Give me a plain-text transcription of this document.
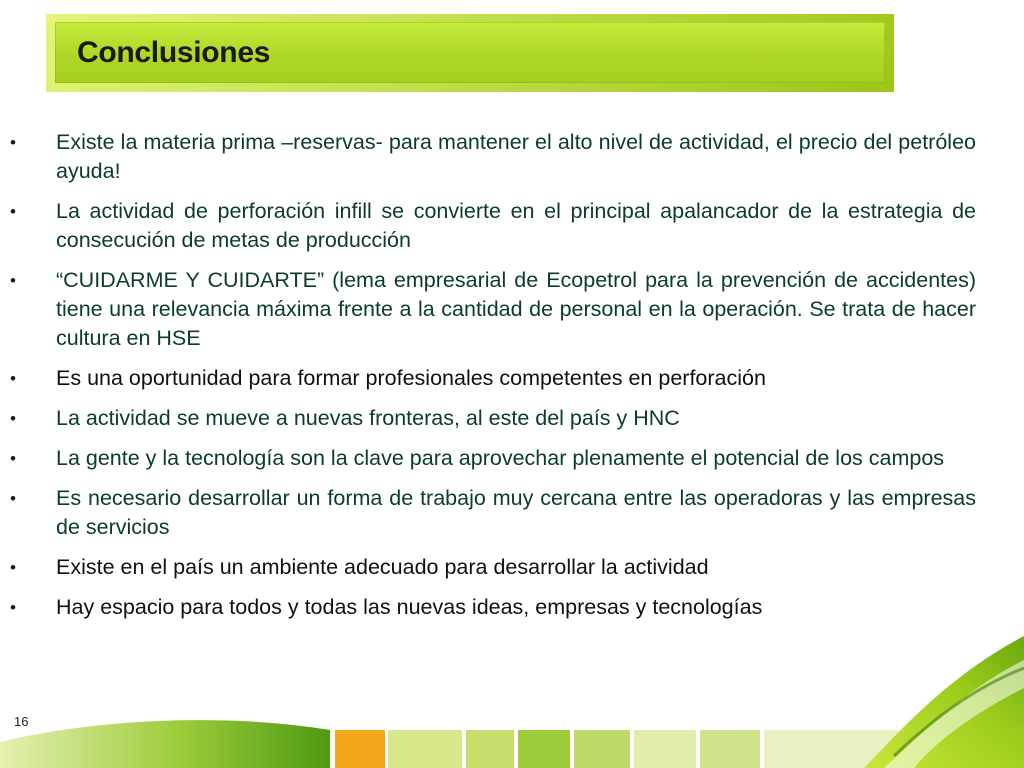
Conclusiones
• Existe la materia prima –reservas- para mantener el alto nivel de actividad, el precio del petróleo ayuda!
• La actividad de perforación infill se convierte en el principal apalancador de la estrategia de consecución de metas de producción
• “CUIDARME Y CUIDARTE” (lema empresarial de Ecopetrol para la prevención de accidentes) tiene una relevancia máxima frente a la cantidad de personal en la operación. Se trata de hacer cultura en HSE
• Es una oportunidad para formar profesionales competentes en perforación
• La actividad se mueve a nuevas fronteras, al este del país y HNC
• La gente y la tecnología son la clave para aprovechar plenamente el potencial de los campos
• Es necesario desarrollar un forma de trabajo muy cercana entre las operadoras y las empresas de servicios
• Existe en el país un ambiente adecuado para desarrollar la actividad
• Hay espacio para todos y todas las nuevas ideas, empresas y tecnologías
16
